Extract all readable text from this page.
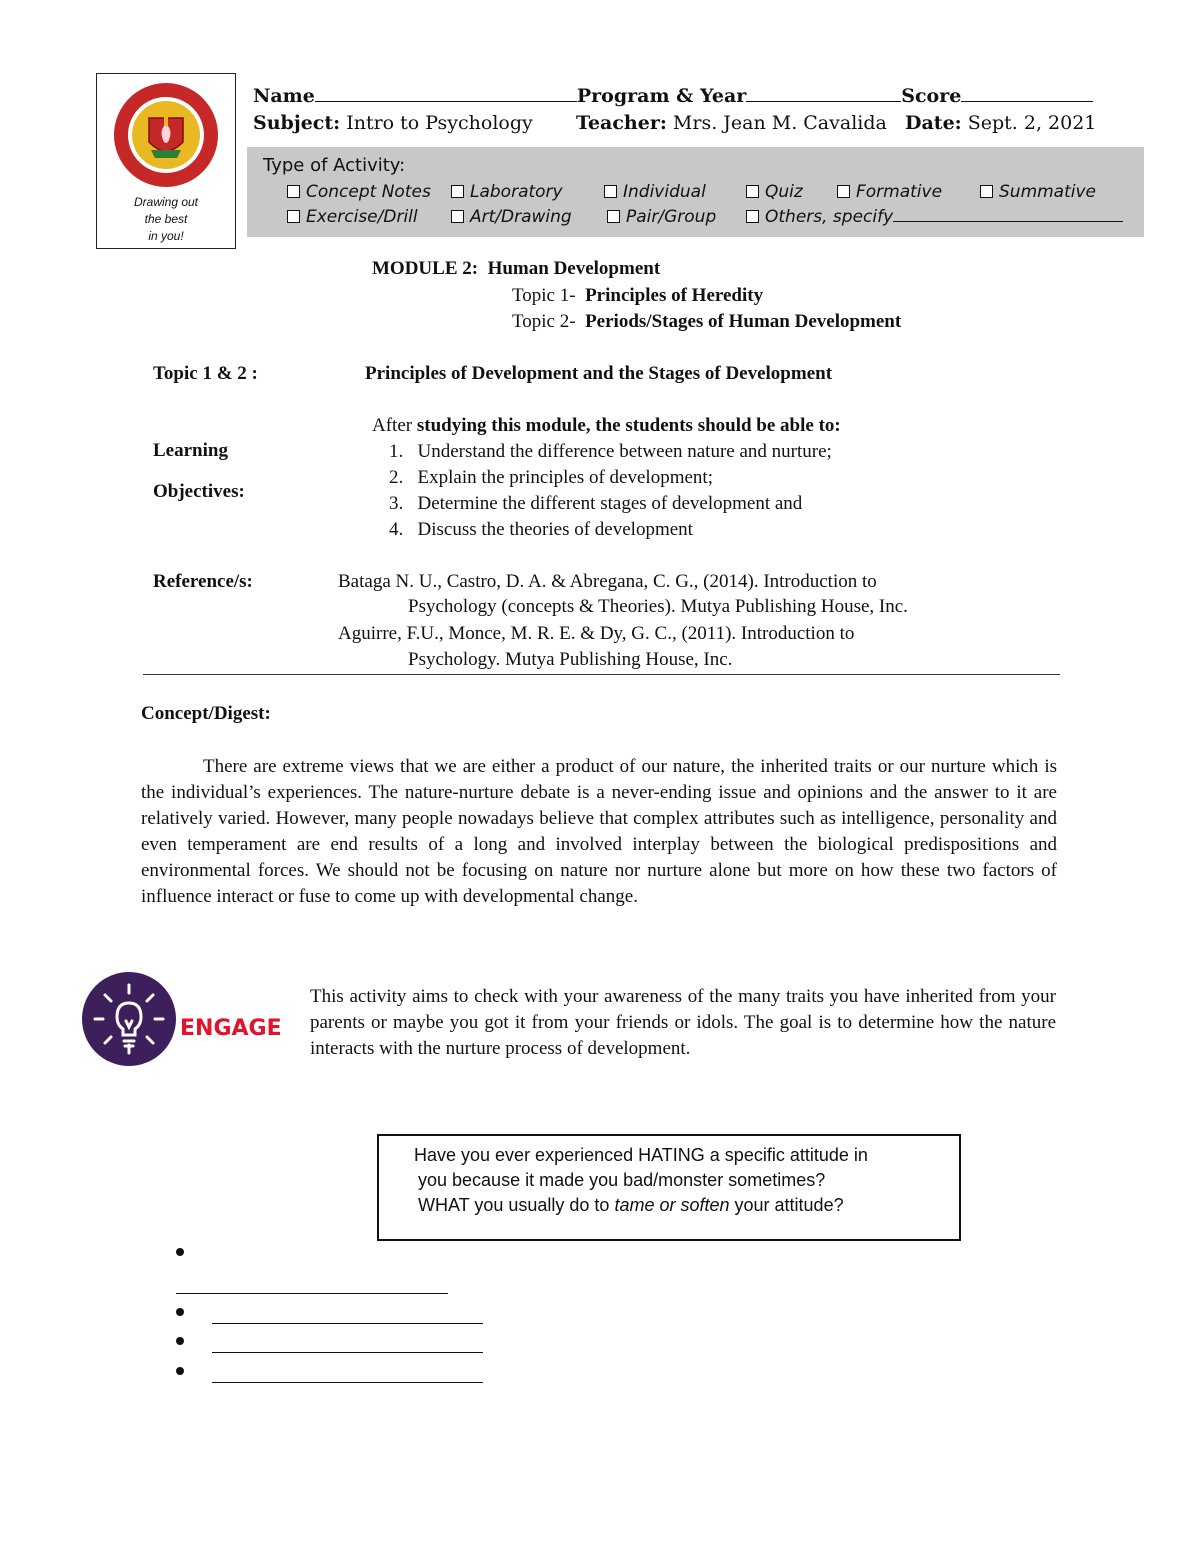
Drawing out
the best
in you!
Name	Program & Year	Score
Subject: Intro to Psychology Teacher: Mrs. Jean M. Cavalida Date: Sept. 2, 2021
Type of Activity:
Concept Notes	Laboratory	Individual	Quiz	Formative	Summative
Exercise/Drill	Art/Drawing	Pair/Group	Others, specify
MODULE 2: Human Development
Topic 1- Principles of Heredity
Topic 2- Periods/Stages of Human Development
Topic 1 & 2 :	Principles of Development and the Stages of Development
Learning
Objectives:
After studying this module, the students should be able to:
1. Understand the difference between nature and nurture;
2. Explain the principles of development;
3. Determine the different stages of development and
4. Discuss the theories of development
Reference/s:	Bataga N. U., Castro, D. A. & Abregana, C. G., (2014). Introduction to
Psychology (concepts & Theories). Mutya Publishing House, Inc.
Aguirre, F.U., Monce, M. R. E. & Dy, G. C., (2011). Introduction to
Psychology. Mutya Publishing House, Inc.
Concept/Digest:
There are extreme views that we are either a product of our nature, the inherited traits or our nurture which is the individual’s experiences. The nature-nurture debate is a never-ending issue and opinions and the answer to it are relatively varied. However, many people nowadays believe that complex attributes such as intelligence, personality and even temperament are end results of a long and involved interplay between the biological predispositions and environmental forces. We should not be focusing on nature nor nurture alone but more on how these two factors of influence interact or fuse to come up with developmental change.
ENGAGE
This activity aims to check with your awareness of the many traits you have inherited from your parents or maybe you got it from your friends or idols. The goal is to determine how the nature interacts with the nurture process of development.
Have you ever experienced HATING a specific attitude in
you because it made you bad/monster sometimes?
WHAT you usually do to tame or soften your attitude?
